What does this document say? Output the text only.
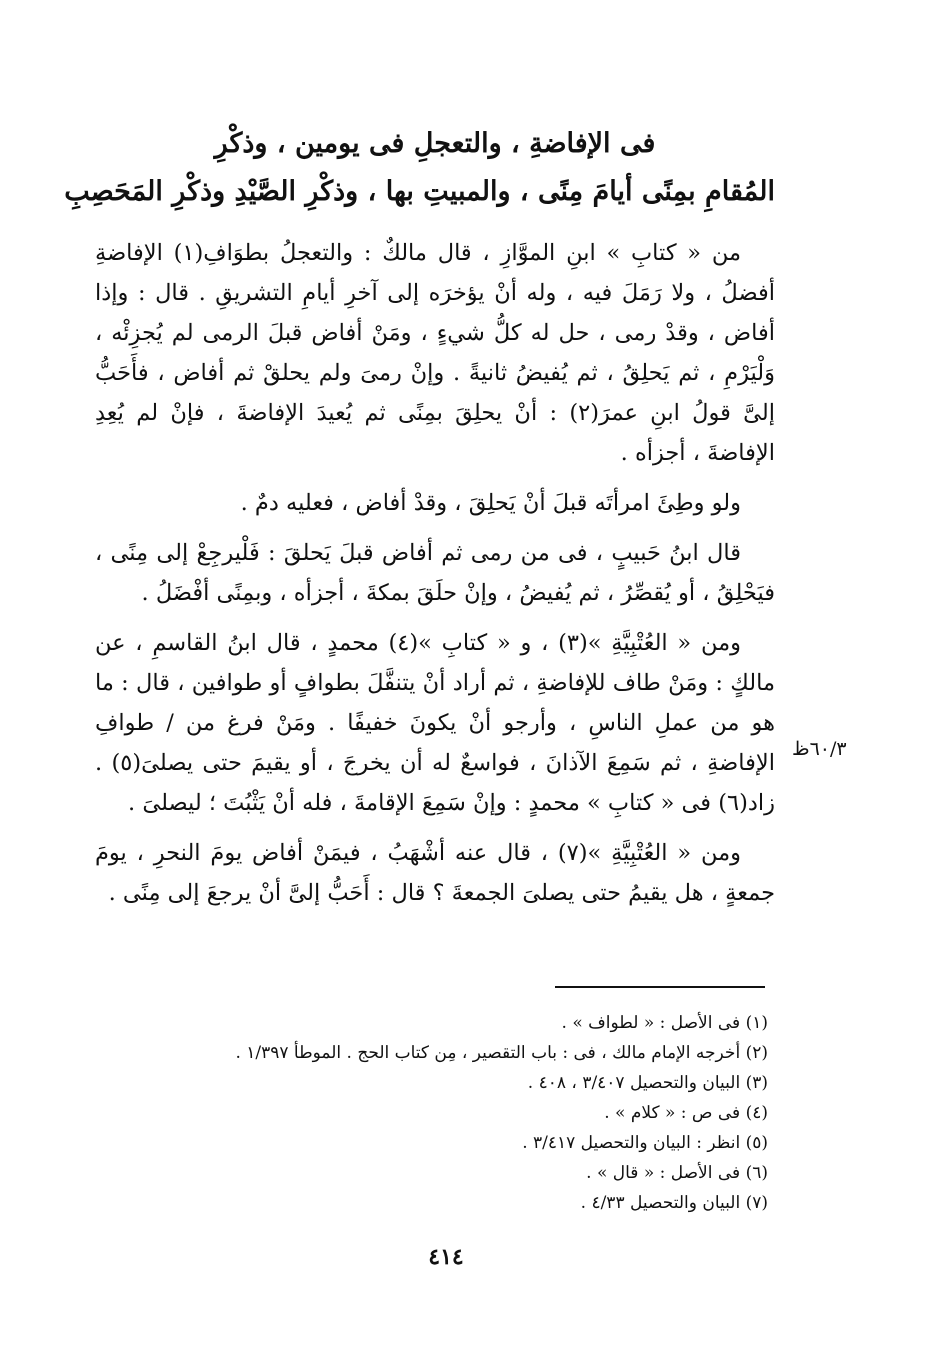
فى الإفاضةِ ، والتعجلِ فى يومين ، وذكْرِ
المُقامِ بمِنًى أيامَ مِنًى ، والمبيتِ بها ، وذكْرِ الصَّيْدِ وذكْرِ المَحَصِبِ

من « كتابِ » ابنِ الموَّازِ ، قال مالكٌ : والتعجلُ بطوَافِ(١) الإفاضةِ أفضلُ ، ولا رَمَلَ فيه ، وله أنْ يؤخرَه إلى آخرِ أيامِ التشريقِ . قال : وإذا أفاض ، وقدْ رمى ، حل له كلُّ شيءٍ ، ومَنْ أفاض قبلَ الرمى لم يُجزِئْه ، وَلْيَرْمِ ، ثم يَحلِقُ ، ثم يُفيضُ ثانيةً . وإنْ رمىَ ولم يحلقْ ثم أفاض ، فأَحَبُّ إلىَّ قولُ ابنِ عمرَ(٢) : أنْ يحلِقَ بمِنًى ثم يُعيدَ الإفاضةَ ، فإنْ لم يُعِدِ الإفاضةَ ، أجزأه .

ولو وطِئَ امرأتَه قبلَ أنْ يَحلِقَ ، وقدْ أفاض ، فعليه دمٌ .

قال ابنُ حَبيبٍ ، فى من رمى ثم أفاض قبلَ يَحلقَ : فَلْيرجِعْ إلى مِنًى ، فيَحْلِقُ ، أو يُقصِّرُ ، ثم يُفيضُ ، وإنْ حلَقَ بمكةَ ، أجزأه ، وبمِنًى أفْضَلُ .

ومن « العُتْبِيَّةِ »(٣) ، و « كتابِ »(٤) محمدٍ ، قال ابنُ القاسمِ ، عن مالكٍ : ومَنْ طاف للإفاضةِ ، ثم أراد أنْ يتنفَّلَ بطوافٍ أو طوافين ، قال : ما هو من عملِ الناسِ ، وأرجو أنْ يكونَ خفيفًا . ومَنْ فرغ من / طوافِ الإفاضةِ ، ثم سَمِعَ الآذانَ ، فواسعٌ له أن يخرجَ ، أو يقيمَ حتى يصلىَ(٥) . زاد(٦) فى « كتابِ » محمدٍ : وإنْ سَمِعَ الإقامةَ ، فله أنْ يَثْبُتَ ؛ ليصلىَ .

ومن « العُتْبِيَّةِ »(٧) ، قال عنه أشْهَبُ ، فيمَنْ أفاض يومَ النحرِ ، يومَ جمعةٍ ، هل يقيمُ حتى يصلىَ الجمعةَ ؟ قال : أَحَبُّ إلىَّ أنْ يرجعَ إلى مِنًى .

٦٠/٣ظ
(١) فى الأصل : « لطواف » .
(٢) أخرجه الإمام مالك ، فى : باب التقصير ، مِن كتاب الحج . الموطأ ١/٣٩٧ .
(٣) البيان والتحصيل ٣/٤٠٧ ، ٤٠٨ .
(٤) فى ص : « كلام » .
(٥) انظر : البيان والتحصيل ٣/٤١٧ .
(٦) فى الأصل : « قال » .
(٧) البيان والتحصيل ٤/٣٣ .
٤١٤
